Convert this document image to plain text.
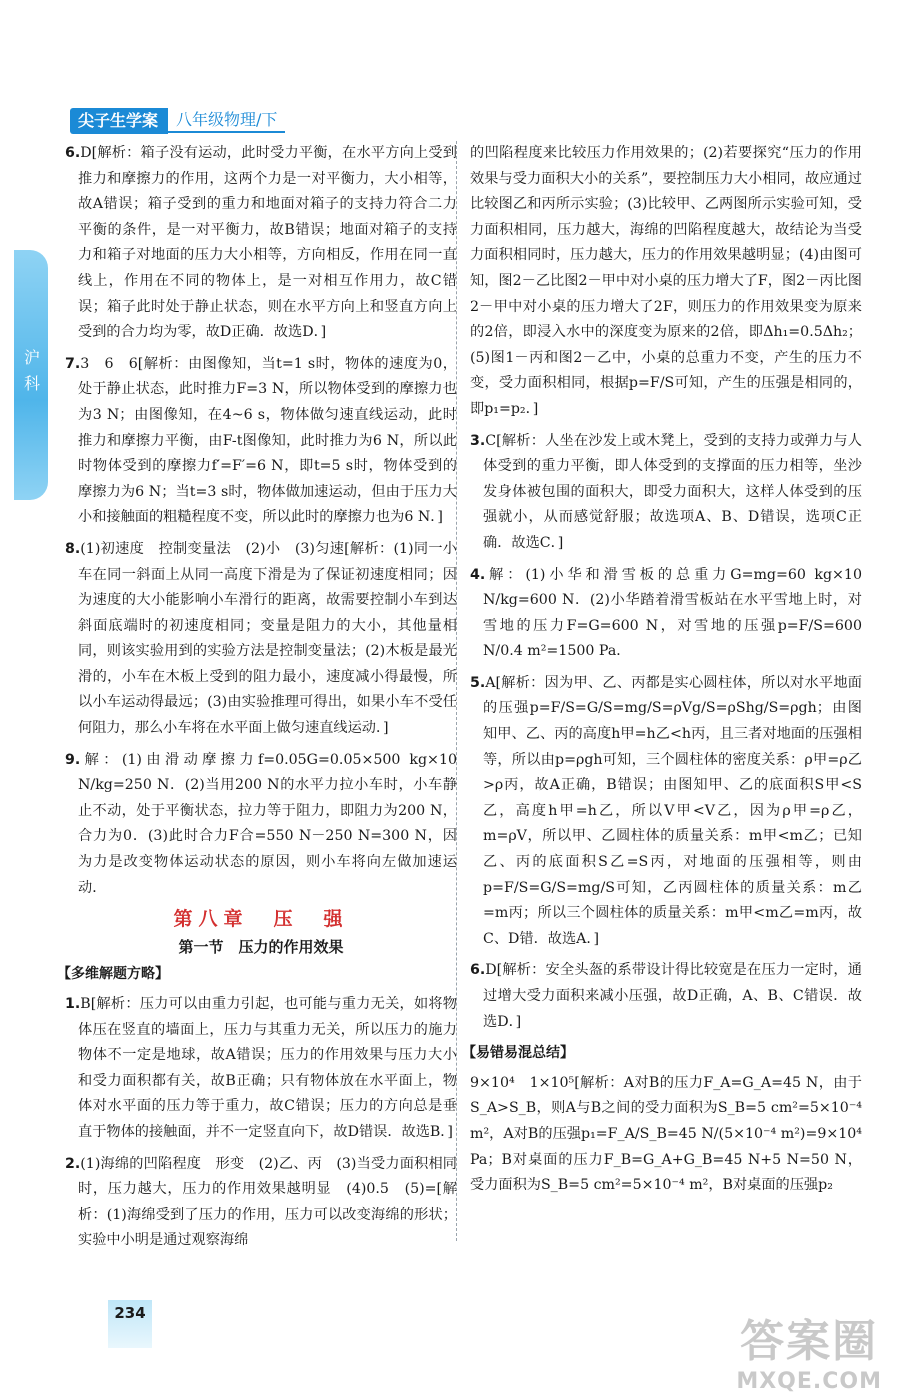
尖子生学案	八年级物理/下
沪科
6.D[解析：箱子没有运动，此时受力平衡，在水平方向上受到推力和摩擦力的作用，这两个力是一对平衡力，大小相等，故A错误；箱子受到的重力和地面对箱子的支持力符合二力平衡的条件，是一对平衡力，故B错误；地面对箱子的支持力和箱子对地面的压力大小相等，方向相反，作用在同一直线上，作用在不同的物体上，是一对相互作用力，故C错误；箱子此时处于静止状态，则在水平方向上和竖直方向上受到的合力均为零，故D正确．故选D．]
7.3　6　6[解析：由图像知，当t=1 s时，物体的速度为0，处于静止状态，此时推力F=3 N，所以物体受到的摩擦力也为3 N；由图像知，在4~6 s，物体做匀速直线运动，此时推力和摩擦力平衡，由F-t图像知，此时推力为6 N，所以此时物体受到的摩擦力f′=F′=6 N，即t=5 s时，物体受到的摩擦力为6 N；当t=3 s时，物体做加速运动，但由于压力大小和接触面的粗糙程度不变，所以此时的摩擦力也为6 N．]
8.(1)初速度　控制变量法　(2)小　(3)匀速[解析：(1)同一小车在同一斜面上从同一高度下滑是为了保证初速度相同；因为速度的大小能影响小车滑行的距离，故需要控制小车到达斜面底端时的初速度相同；变量是阻力的大小，其他量相同，则该实验用到的实验方法是控制变量法；(2)木板是最光滑的，小车在木板上受到的阻力最小，速度减小得最慢，所以小车运动得最远；(3)由实验推理可得出，如果小车不受任何阻力，那么小车将在水平面上做匀速直线运动．]
9.解：(1)由滑动摩擦力f=0.05G=0.05×500 kg×10 N/kg=250 N．(2)当用200 N的水平力拉小车时，小车静止不动，处于平衡状态，拉力等于阻力，即阻力为200 N，合力为0．(3)此时合力F合=550 N－250 N=300 N，因为力是改变物体运动状态的原因，则小车将向左做加速运动．
第八章　压　强
第一节　压力的作用效果
【多维解题方略】
1.B[解析：压力可以由重力引起，也可能与重力无关，如将物体压在竖直的墙面上，压力与其重力无关，所以压力的施力物体不一定是地球，故A错误；压力的作用效果与压力大小和受力面积都有关，故B正确；只有物体放在水平面上，物体对水平面的压力等于重力，故C错误；压力的方向总是垂直于物体的接触面，并不一定竖直向下，故D错误．故选B．]
2.(1)海绵的凹陷程度　形变　(2)乙、丙　(3)当受力面积相同时，压力越大，压力的作用效果越明显　(4)0.5　(5)=[解析：(1)海绵受到了压力的作用，压力可以改变海绵的形状；实验中小明是通过观察海绵
的凹陷程度来比较压力作用效果的；(2)若要探究“压力的作用效果与受力面积大小的关系”，要控制压力大小相同，故应通过比较图乙和丙所示实验；(3)比较甲、乙两图所示实验可知，受力面积相同，压力越大，海绵的凹陷程度越大，故结论为当受力面积相同时，压力越大，压力的作用效果越明显；(4)由图可知，图2－乙比图2－甲中对小桌的压力增大了F，图2－丙比图2－甲中对小桌的压力增大了2F，则压力的作用效果变为原来的2倍，即浸入水中的深度变为原来的2倍，即Δh₁=0.5Δh₂；(5)图1－丙和图2－乙中，小桌的总重力不变，产生的压力不变，受力面积相同，根据p=F/S可知，产生的压强是相同的，即p₁=p₂．]
3.C[解析：人坐在沙发上或木凳上，受到的支持力或弹力与人体受到的重力平衡，即人体受到的支撑面的压力相等，坐沙发身体被包围的面积大，即受力面积大，这样人体受到的压强就小，从而感觉舒服；故选项A、B、D错误，选项C正确．故选C．]
4.解：(1)小华和滑雪板的总重力G=mg=60 kg×10 N/kg=600 N．(2)小华踏着滑雪板站在水平雪地上时，对雪地的压力F=G=600 N，对雪地的压强p=F/S=600 N/0.4 m²=1500 Pa．
5.A[解析：因为甲、乙、丙都是实心圆柱体，所以对水平地面的压强p=F/S=G/S=mg/S=ρVg/S=ρShg/S=ρgh；由图知甲、乙、丙的高度h甲=h乙<h丙，且三者对地面的压强相等，所以由p=ρgh可知，三个圆柱体的密度关系：ρ甲=ρ乙>ρ丙，故A正确，B错误；由图知甲、乙的底面积S甲<S乙，高度h甲=h乙，所以V甲<V乙，因为ρ甲=ρ乙，m=ρV，所以甲、乙圆柱体的质量关系：m甲<m乙；已知乙、丙的底面积S乙=S丙，对地面的压强相等，则由p=F/S=G/S=mg/S可知，乙丙圆柱体的质量关系：m乙=m丙；所以三个圆柱体的质量关系：m甲<m乙=m丙，故C、D错．故选A．]
6.D[解析：安全头盔的系带设计得比较宽是在压力一定时，通过增大受力面积来减小压强，故D正确，A、B、C错误．故选D．]
【易错易混总结】
9×10⁴　1×10⁵[解析：A对B的压力F_A=G_A=45 N，由于S_A>S_B，则A与B之间的受力面积为S_B=5 cm²=5×10⁻⁴ m²，A对B的压强p₁=F_A/S_B=45 N/(5×10⁻⁴ m²)=9×10⁴ Pa；B对桌面的压力F_B=G_A+G_B=45 N+5 N=50 N，受力面积为S_B=5 cm²=5×10⁻⁴ m²，B对桌面的压强p₂
234
答案圈
MXQE.COM
